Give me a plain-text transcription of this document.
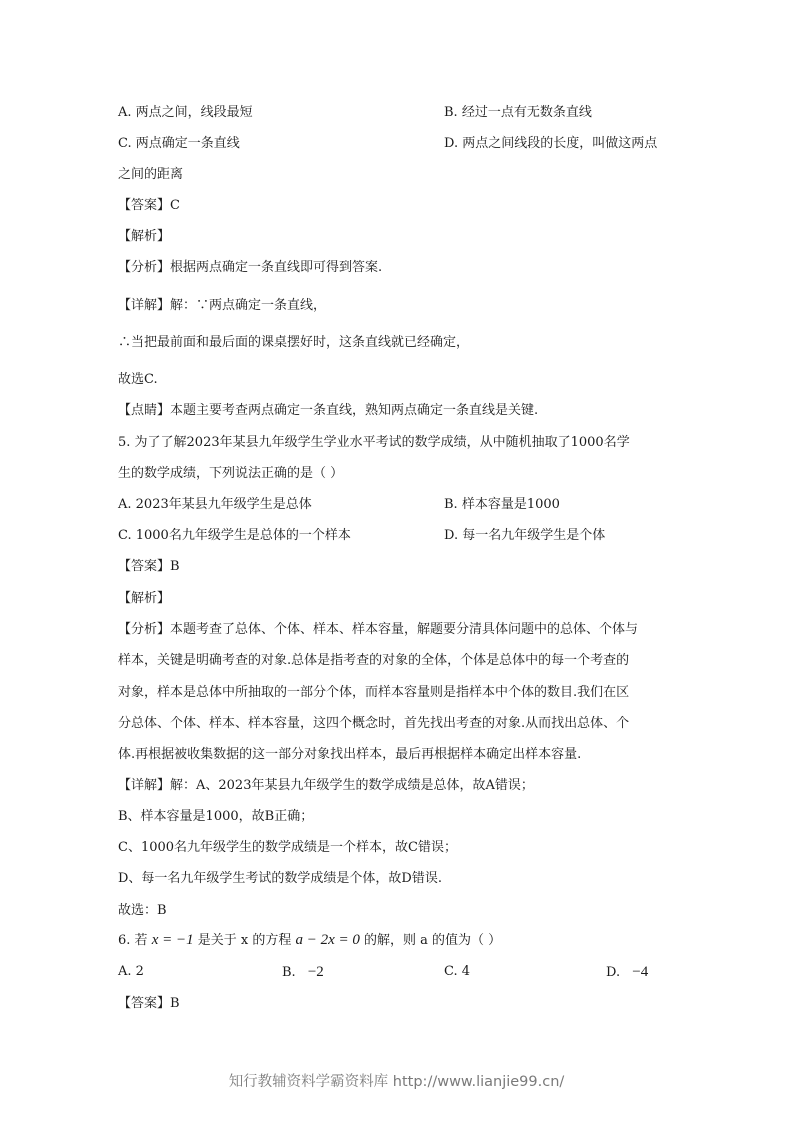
A. 两点之间，线段最短	B. 经过一点有无数条直线
C. 两点确定一条直线	D. 两点之间线段的长度，叫做这两点
之间的距离
【答案】C
【解析】
【分析】根据两点确定一条直线即可得到答案.
【详解】解：∵两点确定一条直线，
∴当把最前面和最后面的课桌摆好时，这条直线就已经确定，
故选C.
【点睛】本题主要考查两点确定一条直线，熟知两点确定一条直线是关键.
5. 为了了解2023年某县九年级学生学业水平考试的数学成绩，从中随机抽取了1000名学
生的数学成绩，下列说法正确的是（ ）
A. 2023年某县九年级学生是总体	B. 样本容量是1000
C. 1000名九年级学生是总体的一个样本	D. 每一名九年级学生是个体
【答案】B
【解析】
【分析】本题考查了总体、个体、样本、样本容量，解题要分清具体问题中的总体、个体与
样本，关键是明确考查的对象.总体是指考查的对象的全体，个体是总体中的每一个考查的
对象，样本是总体中所抽取的一部分个体，而样本容量则是指样本中个体的数目.我们在区
分总体、个体、样本、样本容量，这四个概念时，首先找出考查的对象.从而找出总体、个
体.再根据被收集数据的这一部分对象找出样本，最后再根据样本确定出样本容量.
【详解】解：A、2023年某县九年级学生的数学成绩是总体，故A错误；
B、样本容量是1000，故B正确；
C、1000名九年级学生的数学成绩是一个样本，故C错误；
D、每一名九年级学生考试的数学成绩是个体，故D错误.
故选：B
6. 若 x = −1 是关于 x 的方程 a − 2x = 0 的解，则 a 的值为（ ）
A. 2	B. −2	C. 4	D. −4
【答案】B
知行教辅资料学霸资料库 http://www.lianjie99.cn/
